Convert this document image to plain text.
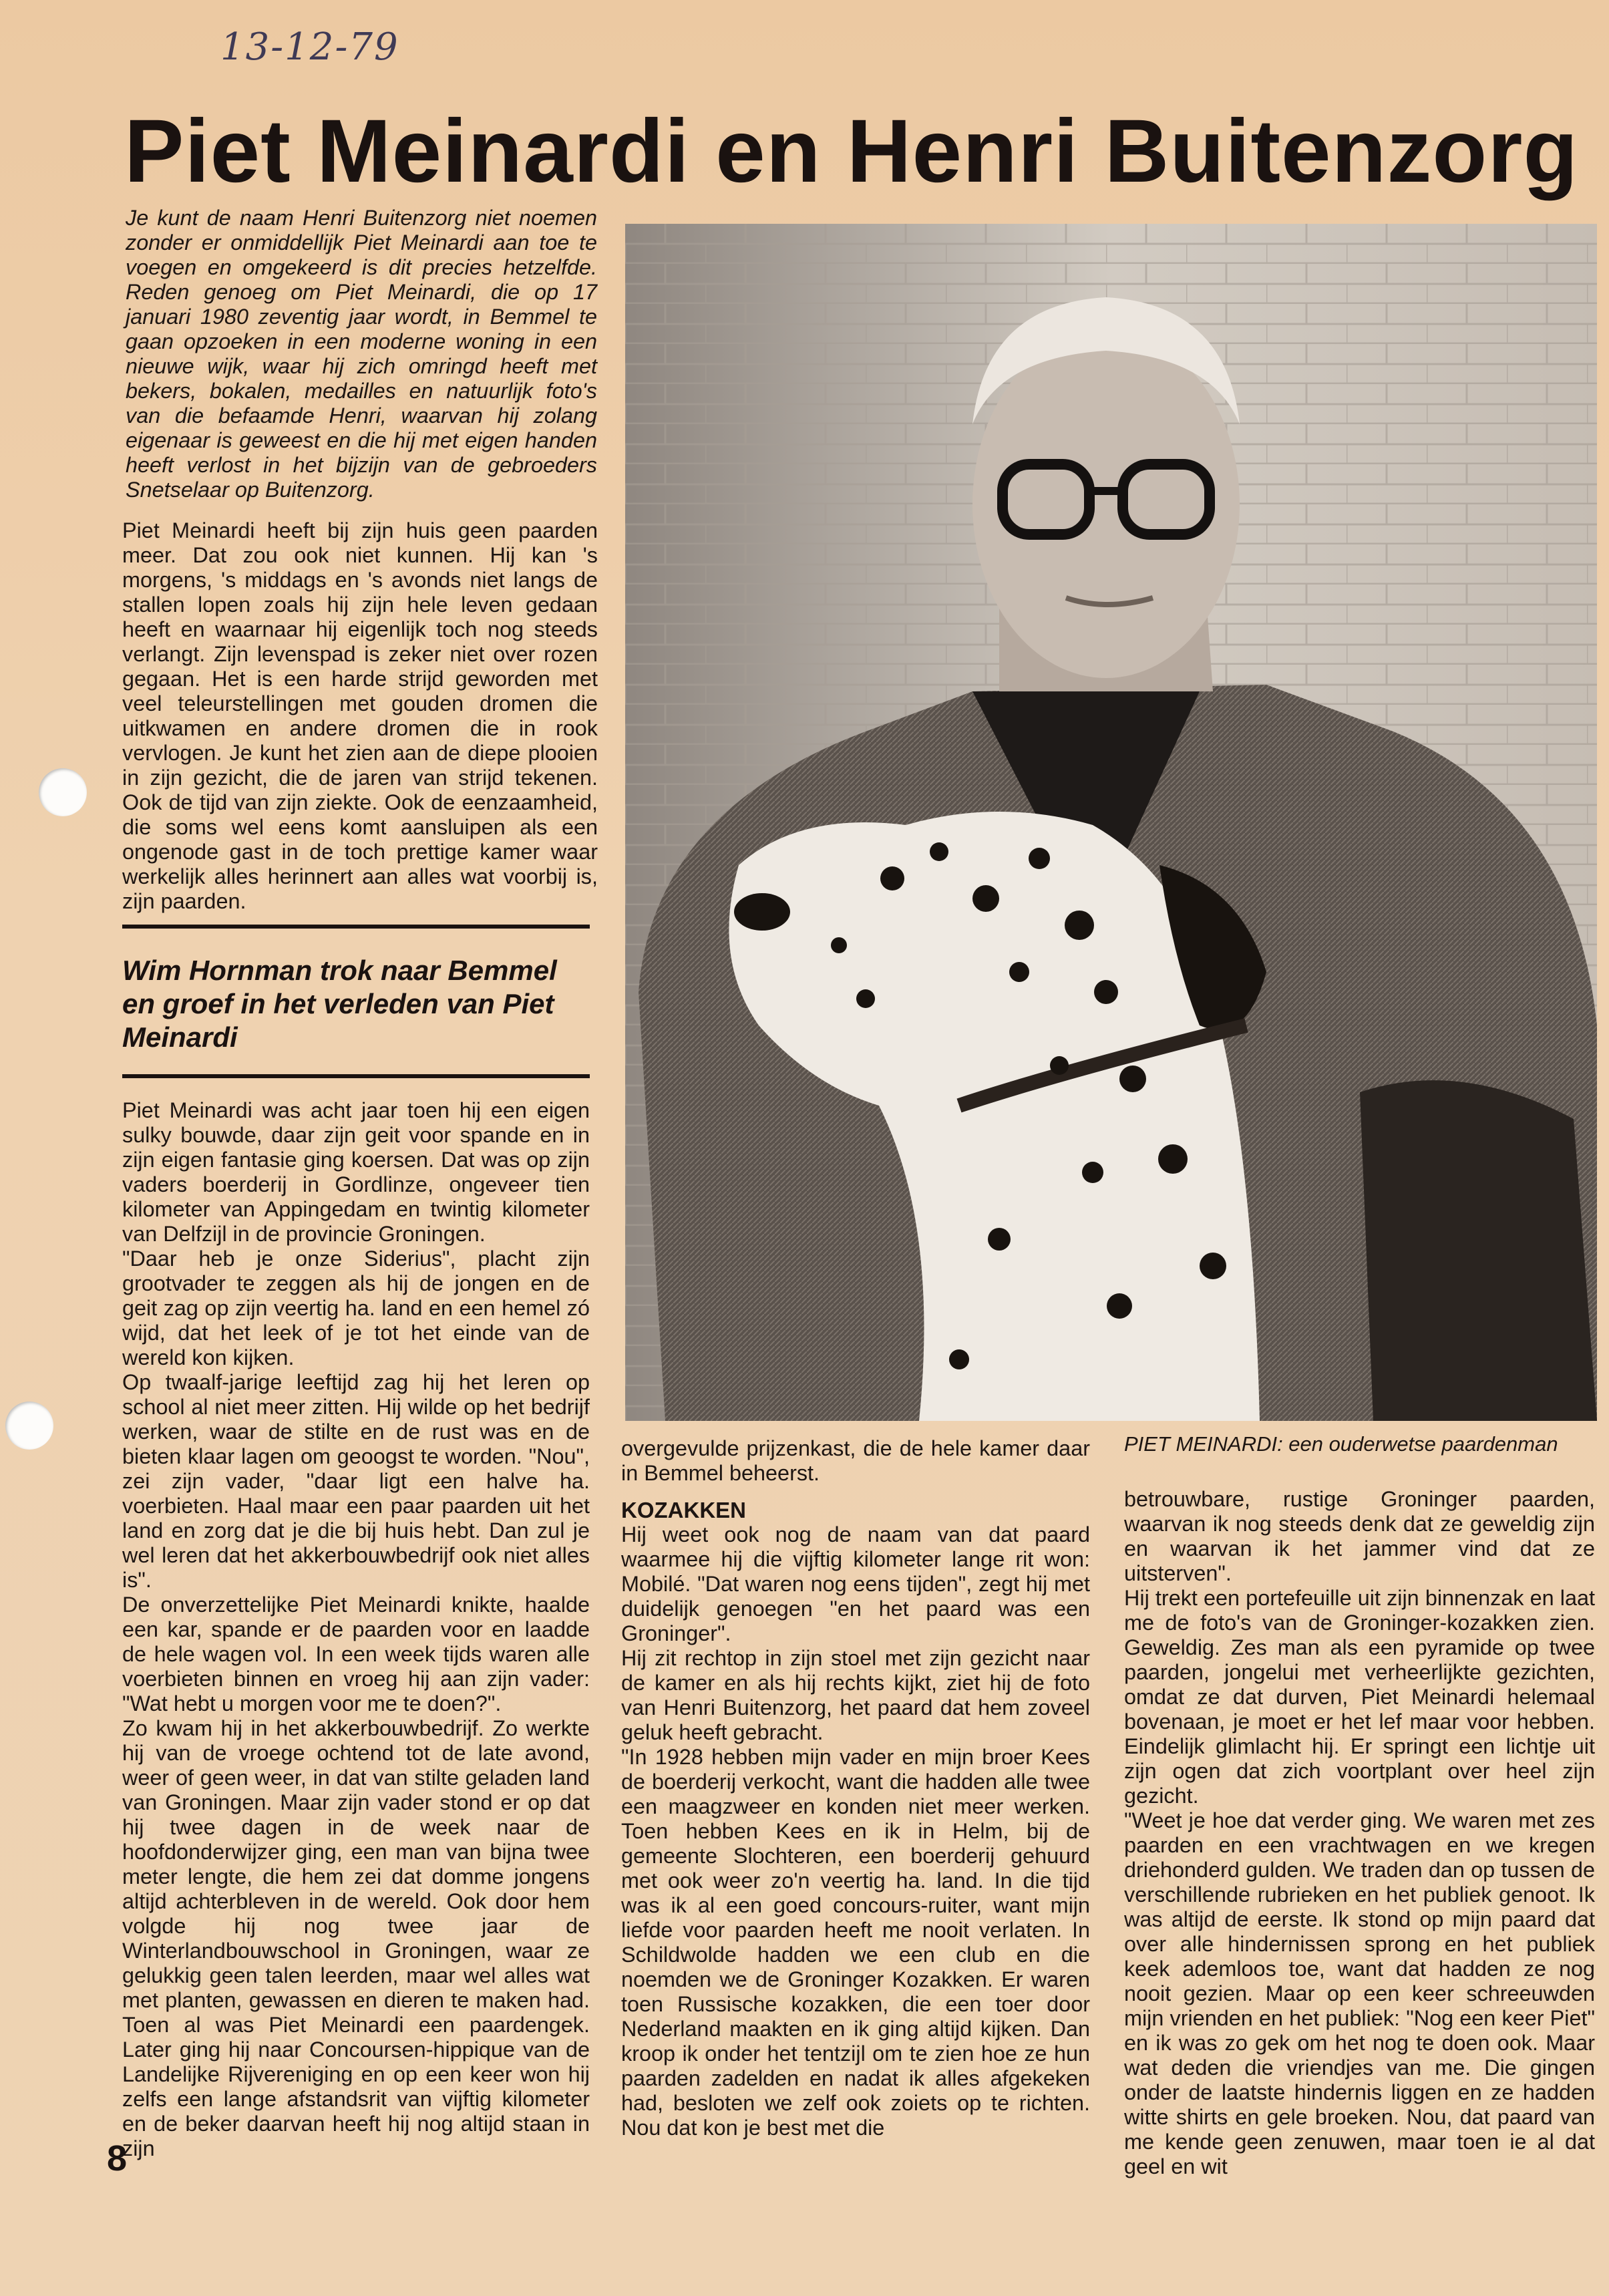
13-12-79
Piet Meinardi en Henri Buitenzorg

Je kunt de naam Henri Buitenzorg niet noemen zonder er onmiddellijk Piet Meinardi aan toe te voegen en omgekeerd is dit precies hetzelfde. Reden genoeg om Piet Meinardi, die op 17 januari 1980 zeventig jaar wordt, in Bemmel te gaan opzoeken in een moderne woning in een nieuwe wijk, waar hij zich omringd heeft met bekers, bokalen, medailles en natuurlijk foto's van die befaamde Henri, waarvan hij zolang eigenaar is geweest en die hij met eigen handen heeft verlost in het bijzijn van de gebroeders Snetselaar op Buitenzorg.

Piet Meinardi heeft bij zijn huis geen paarden meer. Dat zou ook niet kunnen. Hij kan 's morgens, 's middags en 's avonds niet langs de stallen lopen zoals hij zijn hele leven gedaan heeft en waarnaar hij eigenlijk toch nog steeds verlangt. Zijn levenspad is zeker niet over rozen gegaan. Het is een harde strijd geworden met veel teleurstellingen met gouden dromen die uitkwamen en andere dromen die in rook vervlogen. Je kunt het zien aan de diepe plooien in zijn gezicht, die de jaren van strijd tekenen. Ook de tijd van zijn ziekte. Ook de eenzaamheid, die soms wel eens komt aansluipen als een ongenode gast in de toch prettige kamer waar werkelijk alles herinnert aan alles wat voorbij is, zijn paarden.

Wim Hornman trok naar Bemmel en groef in het verleden van Piet Meinardi

Piet Meinardi was acht jaar toen hij een eigen sulky bouwde, daar zijn geit voor spande en in zijn eigen fantasie ging koersen. Dat was op zijn vaders boerderij in Gordlinze, ongeveer tien kilometer van Appingedam en twintig kilometer van Delfzijl in de provincie Groningen.

"Daar heb je onze Siderius", placht zijn grootvader te zeggen als hij de jongen en de geit zag op zijn veertig ha. land en een hemel zó wijd, dat het leek of je tot het einde van de wereld kon kijken.

Op twaalf-jarige leeftijd zag hij het leren op school al niet meer zitten. Hij wilde op het bedrijf werken, waar de stilte en de rust was en de bieten klaar lagen om geoogst te worden. "Nou", zei zijn vader, "daar ligt een halve ha. voerbieten. Haal maar een paar paarden uit het land en zorg dat je die bij huis hebt. Dan zul je wel leren dat het akkerbouwbedrijf ook niet alles is".

De onverzettelijke Piet Meinardi knikte, haalde een kar, spande er de paarden voor en laadde de hele wagen vol. In een week tijds waren alle voerbieten binnen en vroeg hij aan zijn vader: "Wat hebt u morgen voor me te doen?".

Zo kwam hij in het akkerbouwbedrijf. Zo werkte hij van de vroege ochtend tot de late avond, weer of geen weer, in dat van stilte geladen land van Groningen. Maar zijn vader stond er op dat hij twee dagen in de week naar de hoofdonderwijzer ging, een man van bijna twee meter lengte, die hem zei dat domme jongens altijd achterbleven in de wereld. Ook door hem volgde hij nog twee jaar de Winterlandbouwschool in Groningen, waar ze gelukkig geen talen leerden, maar wel alles wat met planten, gewassen en dieren te maken had. Toen al was Piet Meinardi een paardengek. Later ging hij naar Concoursen-hippique van de Landelijke Rijvereniging en op een keer won hij zelfs een lange afstandsrit van vijftig kilometer en de beker daarvan heeft hij nog altijd staan in zijn

PIET MEINARDI: een ouderwetse paardenman

overgevulde prijzenkast, die de hele kamer daar in Bemmel beheerst.

KOZAKKEN

Hij weet ook nog de naam van dat paard waarmee hij die vijftig kilometer lange rit won: Mobilé. "Dat waren nog eens tijden", zegt hij met duidelijk genoegen "en het paard was een Groninger".

Hij zit rechtop in zijn stoel met zijn gezicht naar de kamer en als hij rechts kijkt, ziet hij de foto van Henri Buitenzorg, het paard dat hem zoveel geluk heeft gebracht.

"In 1928 hebben mijn vader en mijn broer Kees de boerderij verkocht, want die hadden alle twee een maagzweer en konden niet meer werken. Toen hebben Kees en ik in Helm, bij de gemeente Slochteren, een boerderij gehuurd met ook weer zo'n veertig ha. land. In die tijd was ik al een goed concours-ruiter, want mijn liefde voor paarden heeft me nooit verlaten. In Schildwolde hadden we een club en die noemden we de Groninger Kozakken. Er waren toen Russische kozakken, die een toer door Nederland maakten en ik ging altijd kijken. Dan kroop ik onder het tentzijl om te zien hoe ze hun paarden zadelden en nadat ik alles afgekeken had, besloten we zelf ook zoiets op te richten. Nou dat kon je best met die

betrouwbare, rustige Groninger paarden, waarvan ik nog steeds denk dat ze geweldig zijn en waarvan ik het jammer vind dat ze uitsterven".

Hij trekt een portefeuille uit zijn binnenzak en laat me de foto's van de Groninger-kozakken zien. Geweldig. Zes man als een pyramide op twee paarden, jongelui met verheerlijkte gezichten, omdat ze dat durven, Piet Meinardi helemaal bovenaan, je moet er het lef maar voor hebben. Eindelijk glimlacht hij. Er springt een lichtje uit zijn ogen dat zich voortplant over heel zijn gezicht.

"Weet je hoe dat verder ging. We waren met zes paarden en een vrachtwagen en we kregen driehonderd gulden. We traden dan op tussen de verschillende rubrieken en het publiek genoot. Ik was altijd de eerste. Ik stond op mijn paard dat over alle hindernissen sprong en het publiek keek ademloos toe, want dat hadden ze nog nooit gezien. Maar op een keer schreeuwden mijn vrienden en het publiek: "Nog een keer Piet" en ik was zo gek om het nog te doen ook. Maar wat deden die vriendjes van me. Die gingen onder de laatste hindernis liggen en ze hadden witte shirts en gele broeken. Nou, dat paard van me kende geen zenuwen, maar toen ie al dat geel en wit

8
